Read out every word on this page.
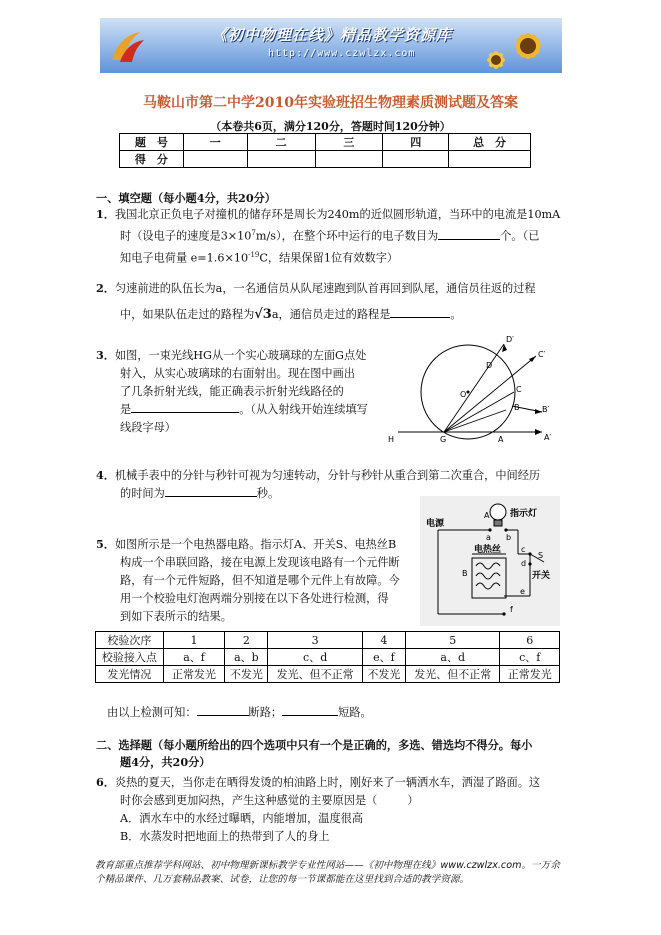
《初中物理在线》精品教学资源库
http://www.czwlzx.com
马鞍山市第二中学2010年实验班招生物理素质测试题及答案
（本卷共6页，满分120分，答题时间120分钟）
题　号	一	二	三	四	总　分
得　分					
一、填空题（每小题4分，共20分）
1．我国北京正负电子对撞机的储存环是周长为240m的近似圆形轨道，当环中的电流是10mA
时（设电子的速度是$3\times 10^7m/s$），在整个环中运行的电子数目为	个。（已
知电子电荷量 $e=1.6\times 10^{-19}C$，结果保留1位有效数字）
2．匀速前进的队伍长为a，一名通信员从队尾速跑到队首再回到队尾，通信员往返的过程
中，如果队伍走过的路程为√3a，通信员走过的路程是	。
3．如图，一束光线HG从一个实心玻璃球的左面G点处
射入，从实心玻璃球的右面射出。现在图中画出
了几条折射光线，能正确表示折射光线路径的
是	。（从入射线开始连续填写
线段字母）
D′
C′
D
C
O
B′
B
H	G	A	A′
4．机械手表中的分针与秒针可视为匀速转动，分针与秒针从重合到第二次重合，中间经历
的时间为	秒。
5．如图所示是一个电热器电路。指示灯A、开关S、电热丝B
构成一个串联回路，接在电源上发现该电路有一个元件断
路，有一个元件短路，但不知道是哪个元件上有故障。今
用一个校验电灯泡两端分别接在以下各处进行检测，得
到如下表所示的结果。
指示灯
电源
电热丝
开关
A
B
S
a b
c
d
e
f
校验次序	1	2	3	4	5	6
校验接入点	a、f	a、b	c、d	e、f	a、d	c、f
发光情况	正常发光	不发光	发光、但不正常	不发光	发光、但不正常	正常发光
由以上检测可知：	断路；	短路。
二、选择题（每小题所给出的四个选项中只有一个是正确的，多选、错选均不得分。每小
题4分，共20分）
6．炎热的夏天，当你走在晒得发烫的柏油路上时，刚好来了一辆洒水车，洒湿了路面。这
时你会感到更加闷热，产生这种感觉的主要原因是（	）
A．洒水车中的水经过曝晒，内能增加，温度很高
B．水蒸发时把地面上的热带到了人的身上
教育部重点推荐学科网站、初中物理新课标教学专业性网站——《初中物理在线》www.czwlzx.com。一万余
个精品课件、几万套精品教案、试卷，让您的每一节课都能在这里找到合适的教学资源。
